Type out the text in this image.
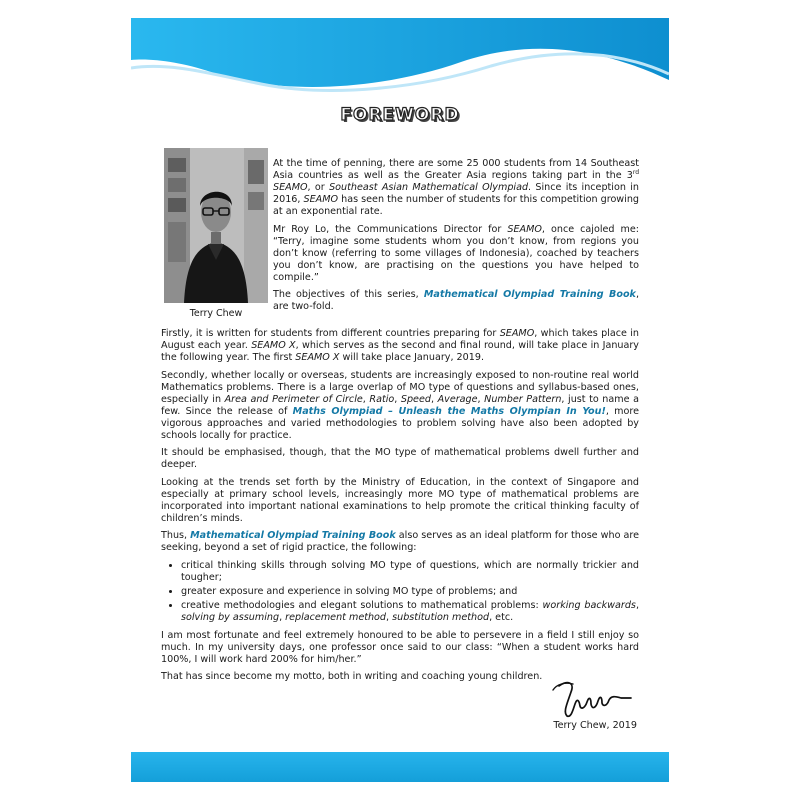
FOREWORD
Terry Chew

At the time of penning, there are some 25 000 students from 14 Southeast Asia countries as well as the Greater Asia regions taking part in the 3rd SEAMO, or Southeast Asian Mathematical Olympiad. Since its inception in 2016, SEAMO has seen the number of students for this competition growing at an exponential rate.

Mr Roy Lo, the Communications Director for SEAMO, once cajoled me: “Terry, imagine some students whom you don’t know, from regions you don’t know (referring to some villages of Indonesia), coached by teachers you don’t know, are practising on the questions you have helped to compile.”

The objectives of this series, Mathematical Olympiad Training Book, are two-fold.

Firstly, it is written for students from different countries preparing for SEAMO, which takes place in August each year. SEAMO X, which serves as the second and final round, will take place in January the following year. The first SEAMO X will take place January, 2019.

Secondly, whether locally or overseas, students are increasingly exposed to non-routine real world Mathematics problems. There is a large overlap of MO type of questions and syllabus-based ones, especially in Area and Perimeter of Circle, Ratio, Speed, Average, Number Pattern, just to name a few. Since the release of Maths Olympiad – Unleash the Maths Olympian In You!, more vigorous approaches and varied methodologies to problem solving have also been adopted by schools locally for practice.

It should be emphasised, though, that the MO type of mathematical problems dwell further and deeper.

Looking at the trends set forth by the Ministry of Education, in the context of Singapore and especially at primary school levels, increasingly more MO type of mathematical problems are incorporated into important national examinations to help promote the critical thinking faculty of children’s minds.

Thus, Mathematical Olympiad Training Book also serves as an ideal platform for those who are seeking, beyond a set of rigid practice, the following:

• critical thinking skills through solving MO type of questions, which are normally trickier and tougher;
• greater exposure and experience in solving MO type of problems; and
• creative methodologies and elegant solutions to mathematical problems: working backwards, solving by assuming, replacement method, substitution method, etc.

I am most fortunate and feel extremely honoured to be able to persevere in a field I still enjoy so much. In my university days, one professor once said to our class: “When a student works hard 100%, I will work hard 200% for him/her.”

That has since become my motto, both in writing and coaching young children.

Terry Chew, 2019
